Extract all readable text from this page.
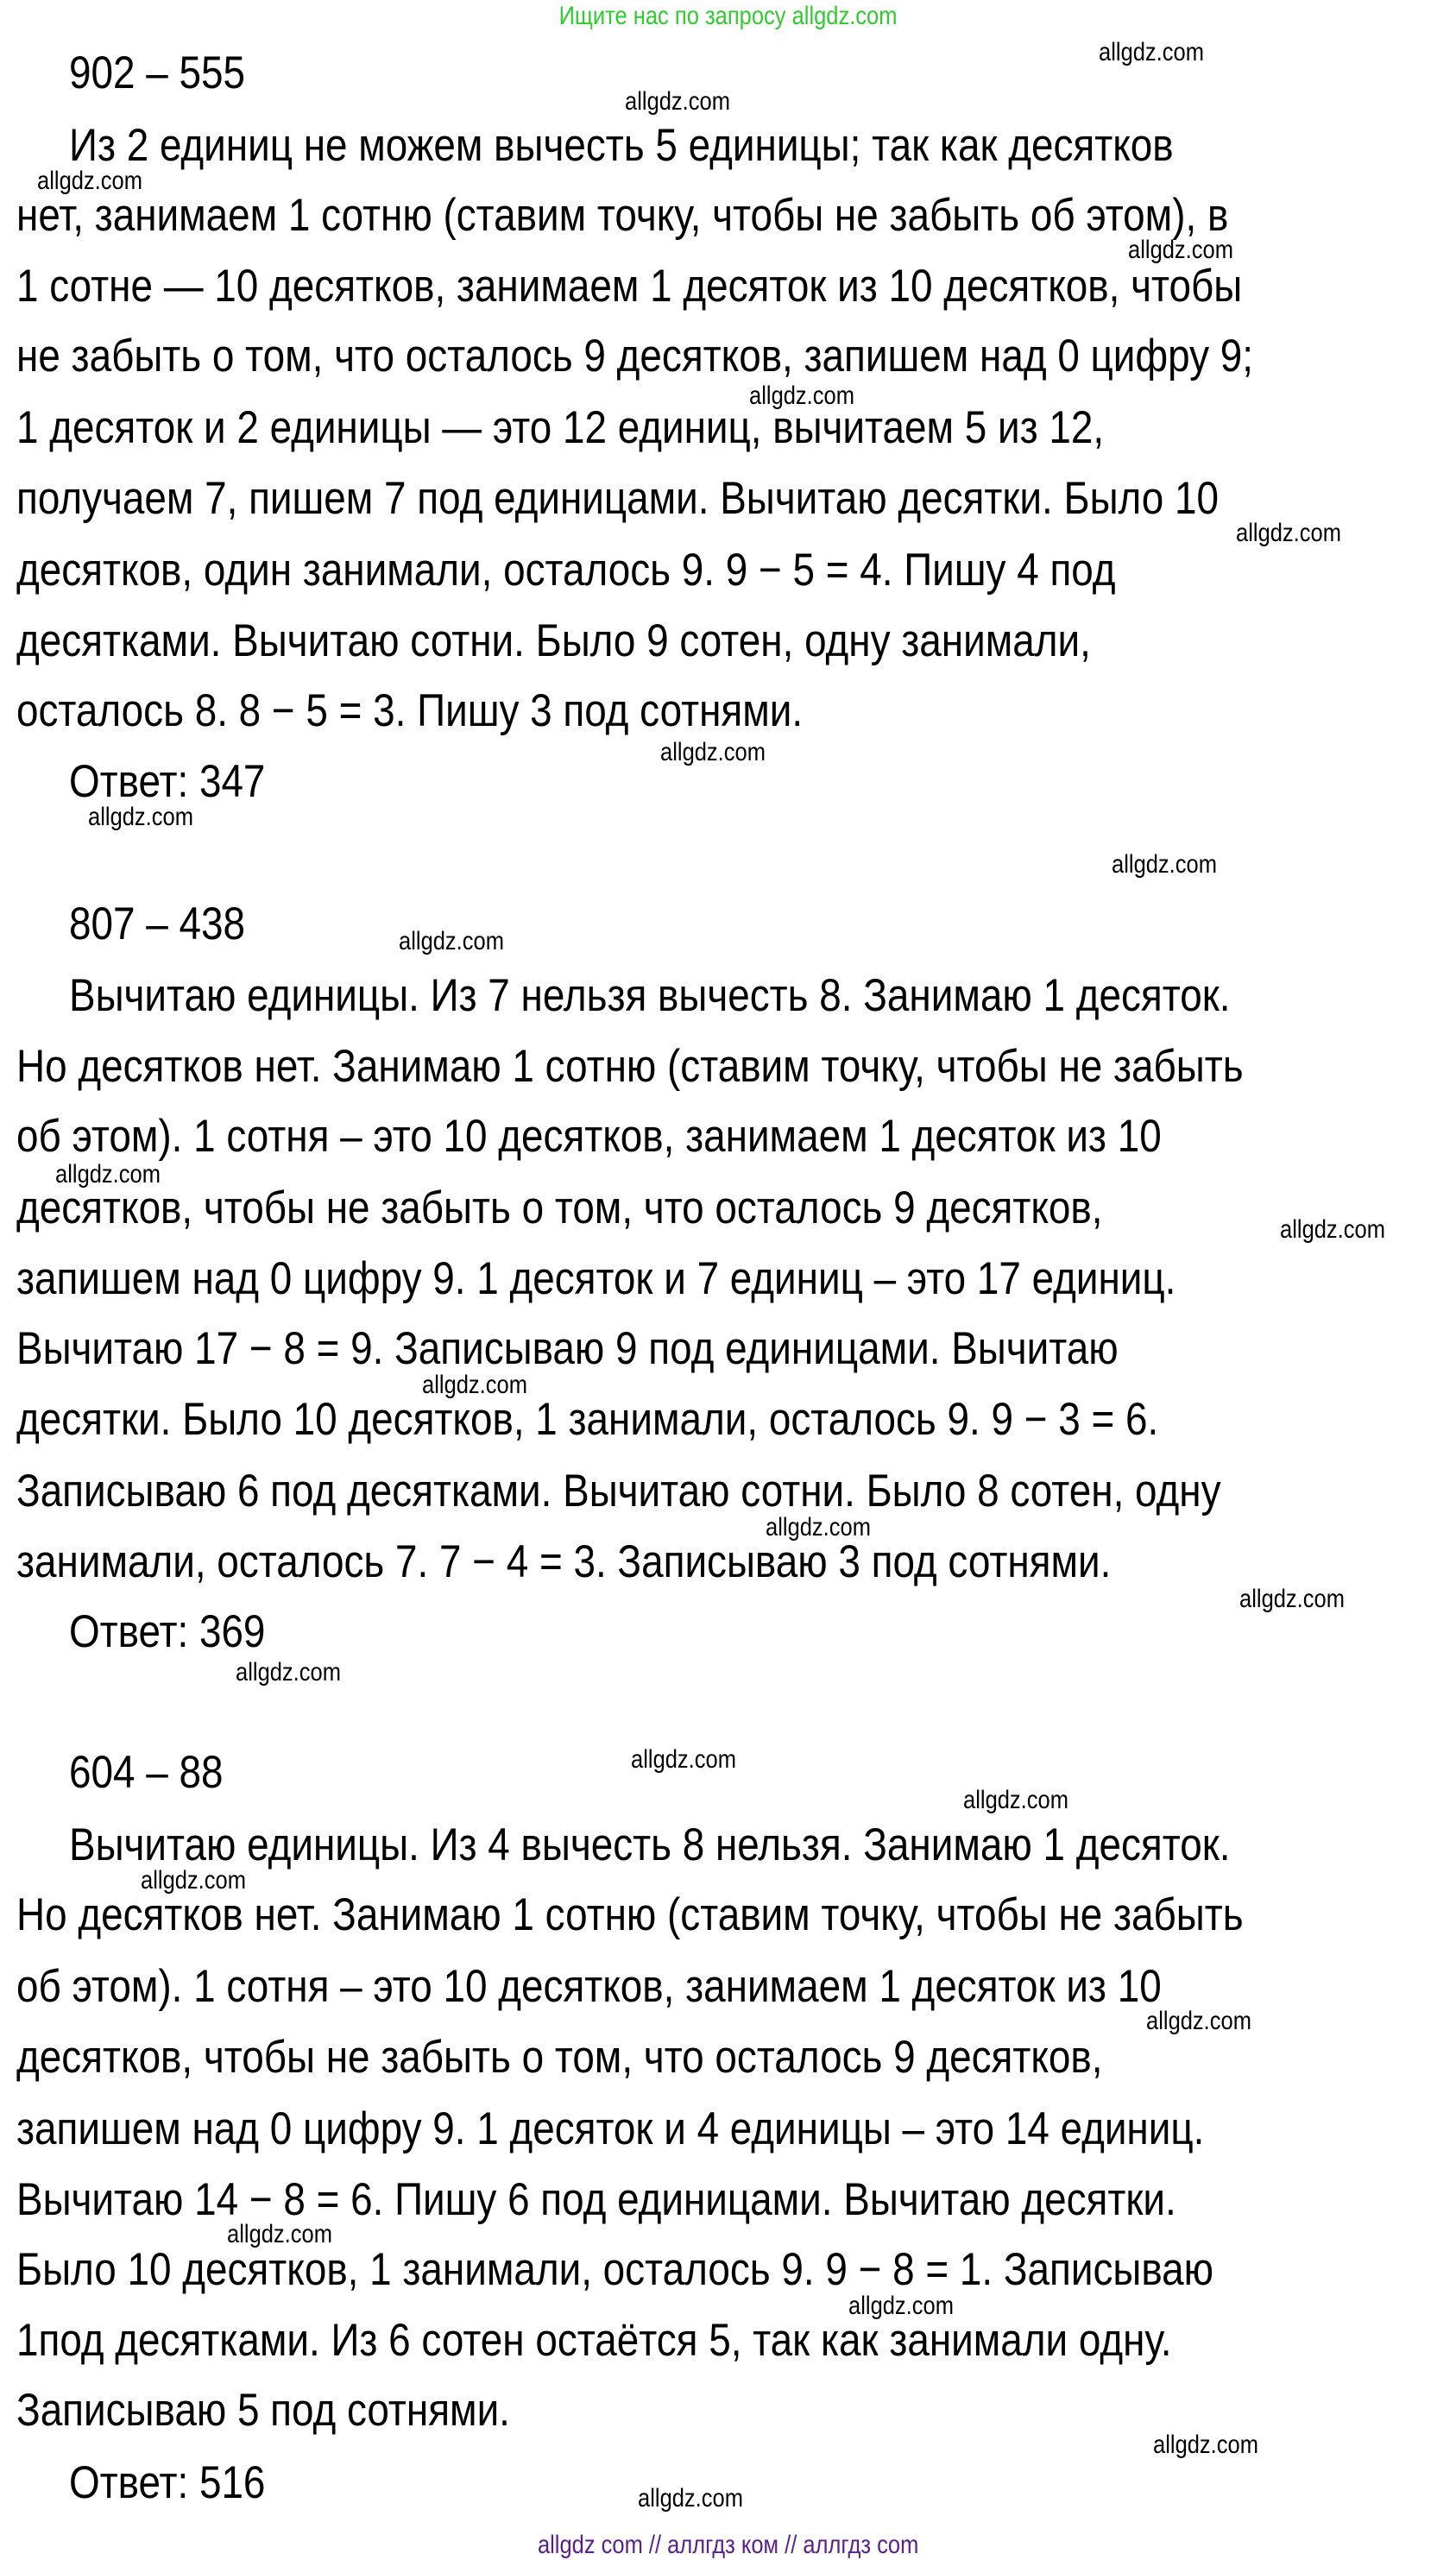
Ищите нас по запросу allgdz.com
902 – 555
Из 2 единиц не можем вычесть 5 единицы; так как десятков
нет, занимаем 1 сотню (ставим точку, чтобы не забыть об этом), в
1 сотне — 10 десятков, занимаем 1 десяток из 10 десятков, чтобы
не забыть о том, что осталось 9 десятков, запишем над 0 цифру 9;
1 десяток и 2 единицы — это 12 единиц, вычитаем 5 из 12,
получаем 7, пишем 7 под единицами. Вычитаю десятки. Было 10
десятков, один занимали, осталось 9. 9 − 5 = 4. Пишу 4 под
десятками. Вычитаю сотни. Было 9 сотен, одну занимали,
осталось 8. 8 − 5 = 3. Пишу 3 под сотнями.
Ответ: 347
807 – 438
Вычитаю единицы. Из 7 нельзя вычесть 8. Занимаю 1 десяток.
Но десятков нет. Занимаю 1 сотню (ставим точку, чтобы не забыть
об этом). 1 сотня – это 10 десятков, занимаем 1 десяток из 10
десятков, чтобы не забыть о том, что осталось 9 десятков,
запишем над 0 цифру 9. 1 десяток и 7 единиц – это 17 единиц.
Вычитаю 17 − 8 = 9. Записываю 9 под единицами. Вычитаю
десятки. Было 10 десятков, 1 занимали, осталось 9. 9 − 3 = 6.
Записываю 6 под десятками. Вычитаю сотни. Было 8 сотен, одну
занимали, осталось 7. 7 − 4 = 3. Записываю 3 под сотнями.
Ответ: 369
604 – 88
Вычитаю единицы. Из 4 вычесть 8 нельзя. Занимаю 1 десяток.
Но десятков нет. Занимаю 1 сотню (ставим точку, чтобы не забыть
об этом). 1 сотня – это 10 десятков, занимаем 1 десяток из 10
десятков, чтобы не забыть о том, что осталось 9 десятков,
запишем над 0 цифру 9. 1 десяток и 4 единицы – это 14 единиц.
Вычитаю 14 − 8 = 6. Пишу 6 под единицами. Вычитаю десятки.
Было 10 десятков, 1 занимали, осталось 9. 9 − 8 = 1. Записываю
1под десятками. Из 6 сотен остаётся 5, так как занимали одну.
Записываю 5 под сотнями.
Ответ: 516
allgdz.com
allgdz.com
allgdz.com
allgdz.com
allgdz.com
allgdz.com
allgdz.com
allgdz.com
allgdz.com
allgdz.com
allgdz.com
allgdz.com
allgdz.com
allgdz.com
allgdz.com
allgdz.com
allgdz.com
allgdz.com
allgdz.com
allgdz.com
allgdz.com
allgdz.com
allgdz.com
allgdz.com
allgdz com // аллгдз ком // аллгдз com
